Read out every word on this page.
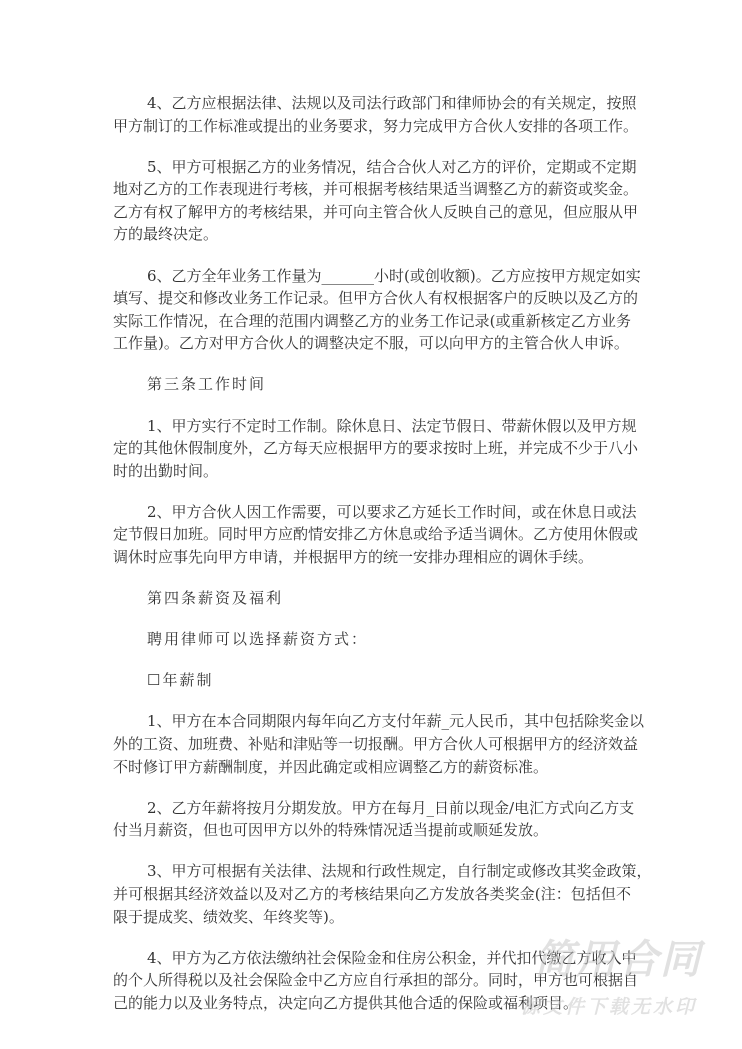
4、乙方应根据法律、法规以及司法行政部门和律师协会的有关规定，按照
甲方制订的工作标准或提出的业务要求，努力完成甲方合伙人安排的各项工作。
5、甲方可根据乙方的业务情况，结合合伙人对乙方的评价，定期或不定期
地对乙方的工作表现进行考核，并可根据考核结果适当调整乙方的薪资或奖金。
乙方有权了解甲方的考核结果，并可向主管合伙人反映自己的意见，但应服从甲
方的最终决定。
6、乙方全年业务工作量为_______小时(或创收额)。乙方应按甲方规定如实
填写、提交和修改业务工作记录。但甲方合伙人有权根据客户的反映以及乙方的
实际工作情况，在合理的范围内调整乙方的业务工作记录(或重新核定乙方业务
工作量)。乙方对甲方合伙人的调整决定不服，可以向甲方的主管合伙人申诉。
第三条工作时间
1、甲方实行不定时工作制。除休息日、法定节假日、带薪休假以及甲方规
定的其他休假制度外，乙方每天应根据甲方的要求按时上班，并完成不少于八小
时的出勤时间。
2、甲方合伙人因工作需要，可以要求乙方延长工作时间，或在休息日或法
定节假日加班。同时甲方应酌情安排乙方休息或给予适当调休。乙方使用休假或
调休时应事先向甲方申请，并根据甲方的统一安排办理相应的调休手续。
第四条薪资及福利
聘用律师可以选择薪资方式：
☐年薪制
1、甲方在本合同期限内每年向乙方支付年薪_元人民币，其中包括除奖金以
外的工资、加班费、补贴和津贴等一切报酬。甲方合伙人可根据甲方的经济效益
不时修订甲方薪酬制度，并因此确定或相应调整乙方的薪资标准。
2、乙方年薪将按月分期发放。甲方在每月_日前以现金/电汇方式向乙方支
付当月薪资，但也可因甲方以外的特殊情况适当提前或顺延发放。
3、甲方可根据有关法律、法规和行政性规定，自行制定或修改其奖金政策，
并可根据其经济效益以及对乙方的考核结果向乙方发放各类奖金(注：包括但不
限于提成奖、绩效奖、年终奖等)。
4、甲方为乙方依法缴纳社会保险金和住房公积金，并代扣代缴乙方收入中
的个人所得税以及社会保险金中乙方应自行承担的部分。同时，甲方也可根据自
己的能力以及业务特点，决定向乙方提供其他合适的保险或福利项目。
简用合同
源文件下载无水印
